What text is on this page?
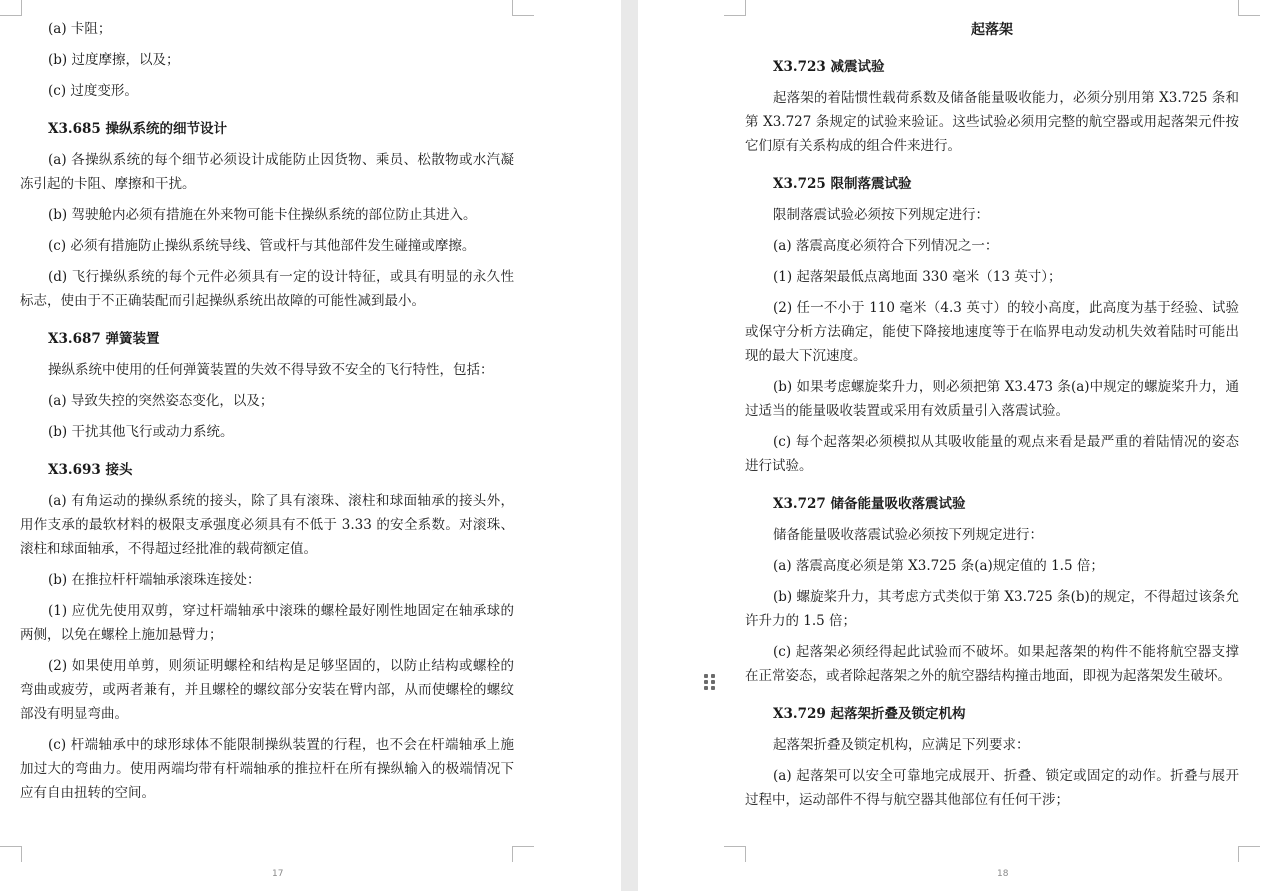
(a) 卡阻；

(b) 过度摩擦，以及；

(c) 过度变形。

X3.685 操纵系统的细节设计

(a) 各操纵系统的每个细节必须设计成能防止因货物、乘员、松散物或水汽凝冻引起的卡阻、摩擦和干扰。

(b) 驾驶舱内必须有措施在外来物可能卡住操纵系统的部位防止其进入。

(c) 必须有措施防止操纵系统导线、管或杆与其他部件发生碰撞或摩擦。

(d) 飞行操纵系统的每个元件必须具有一定的设计特征，或具有明显的永久性标志，使由于不正确装配而引起操纵系统出故障的可能性减到最小。

X3.687 弹簧装置

操纵系统中使用的任何弹簧装置的失效不得导致不安全的飞行特性，包括：

(a) 导致失控的突然姿态变化，以及；

(b) 干扰其他飞行或动力系统。

X3.693 接头

(a) 有角运动的操纵系统的接头，除了具有滚珠、滚柱和球面轴承的接头外，用作支承的最软材料的极限支承强度必须具有不低于 3.33 的安全系数。对滚珠、滚柱和球面轴承，不得超过经批准的载荷额定值。

(b) 在推拉杆杆端轴承滚珠连接处：

(1) 应优先使用双剪，穿过杆端轴承中滚珠的螺栓最好刚性地固定在轴承球的两侧，以免在螺栓上施加悬臂力；

(2) 如果使用单剪，则须证明螺栓和结构是足够坚固的，以防止结构或螺栓的弯曲或疲劳，或两者兼有，并且螺栓的螺纹部分安装在臂内部，从而使螺栓的螺纹部没有明显弯曲。

(c) 杆端轴承中的球形球体不能限制操纵装置的行程，也不会在杆端轴承上施加过大的弯曲力。使用两端均带有杆端轴承的推拉杆在所有操纵输入的极端情况下应有自由扭转的空间。

17
起落架

X3.723 减震试验

起落架的着陆惯性载荷系数及储备能量吸收能力，必须分别用第 X3.725 条和第 X3.727 条规定的试验来验证。这些试验必须用完整的航空器或用起落架元件按它们原有关系构成的组合件来进行。

X3.725 限制落震试验

限制落震试验必须按下列规定进行：

(a) 落震高度必须符合下列情况之一：

(1) 起落架最低点离地面 330 毫米（13 英寸）；

(2) 任一不小于 110 毫米（4.3 英寸）的较小高度，此高度为基于经验、试验或保守分析方法确定，能使下降接地速度等于在临界电动发动机失效着陆时可能出现的最大下沉速度。

(b) 如果考虑螺旋桨升力，则必须把第 X3.473 条(a)中规定的螺旋桨升力，通过适当的能量吸收装置或采用有效质量引入落震试验。

(c) 每个起落架必须模拟从其吸收能量的观点来看是最严重的着陆情况的姿态进行试验。

X3.727 储备能量吸收落震试验

储备能量吸收落震试验必须按下列规定进行：

(a) 落震高度必须是第 X3.725 条(a)规定值的 1.5 倍；

(b) 螺旋桨升力，其考虑方式类似于第 X3.725 条(b)的规定，不得超过该条允许升力的 1.5 倍；

(c) 起落架必须经得起此试验而不破坏。如果起落架的构件不能将航空器支撑在正常姿态，或者除起落架之外的航空器结构撞击地面，即视为起落架发生破坏。

X3.729 起落架折叠及锁定机构

起落架折叠及锁定机构，应满足下列要求：

(a) 起落架可以安全可靠地完成展开、折叠、锁定或固定的动作。折叠与展开过程中，运动部件不得与航空器其他部位有任何干涉；

18
